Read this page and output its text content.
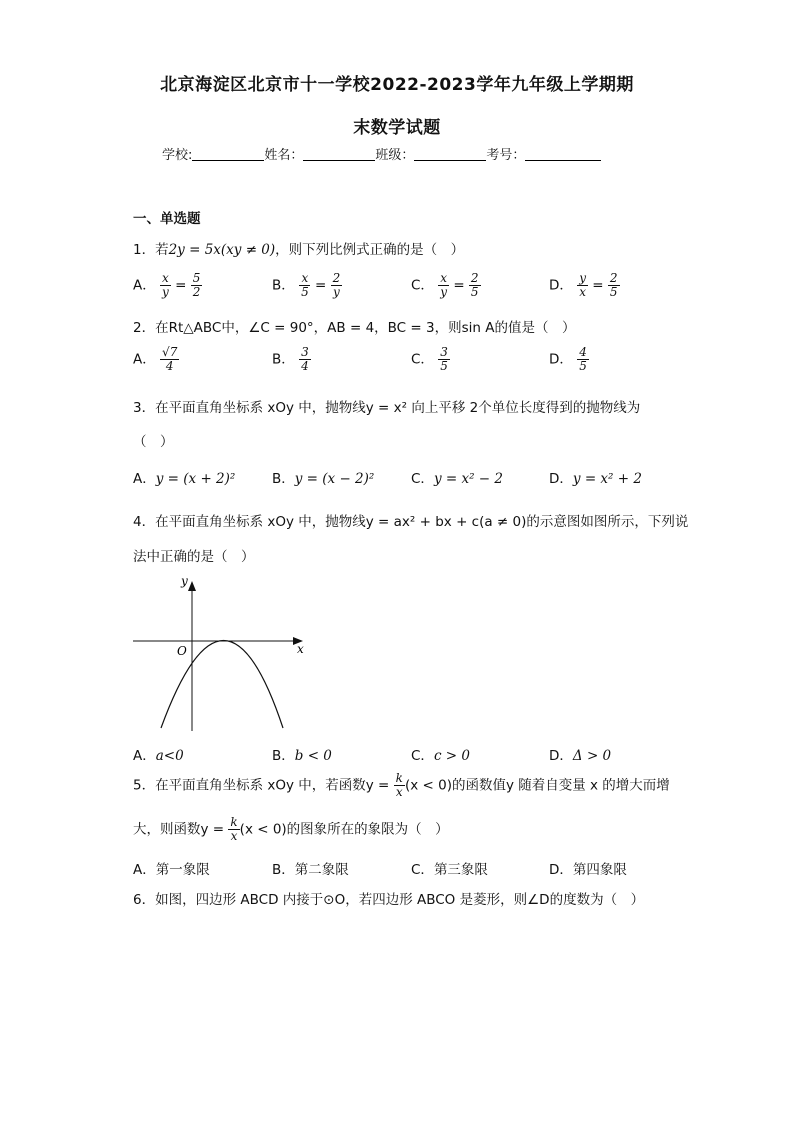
北京海淀区北京市十一学校2022-2023学年九年级上学期期
末数学试题
学校:	姓名：	班级：	考号：
一、单选题
1．若2y = 5x(xy ≠ 0)，则下列比例式正确的是（　）
A． $\frac{x}{y} = \frac{5}{2}$	B． $\frac{x}{5} = \frac{2}{y}$	C． $\frac{x}{y} = \frac{2}{5}$	D． $\frac{y}{x} = \frac{2}{5}$
2．在Rt△ABC中，∠C = 90°，AB = 4，BC = 3，则sin A的值是（　）
A． $\frac{√7}{4}$	B． $\frac{3}{4}$	C． $\frac{3}{5}$	D． $\frac{4}{5}$
3．在平面直角坐标系 xOy 中，抛物线y = x² 向上平移 2个单位长度得到的抛物线为
（　）
A．y = (x + 2)²	B．y = (x − 2)²	C．y = x² − 2	D．y = x² + 2
4．在平面直角坐标系 xOy 中，抛物线y = ax² + bx + c(a ≠ 0)的示意图如图所示，下列说
法中正确的是（　）
y
x
O
A．a<0	B．b < 0	C．c > 0	D．Δ > 0
5．在平面直角坐标系 xOy 中，若函数$y = \frac{k}{x} (x < 0)$的函数值y 随着自变量 x 的增大而增
大，则函数$y = \frac{k}{x} (x < 0)$的图象所在的象限为（　）
A．第一象限	B．第二象限	C．第三象限	D．第四象限
6．如图，四边形 ABCD 内接于⊙O，若四边形 ABCO 是菱形，则∠D的度数为（　）
